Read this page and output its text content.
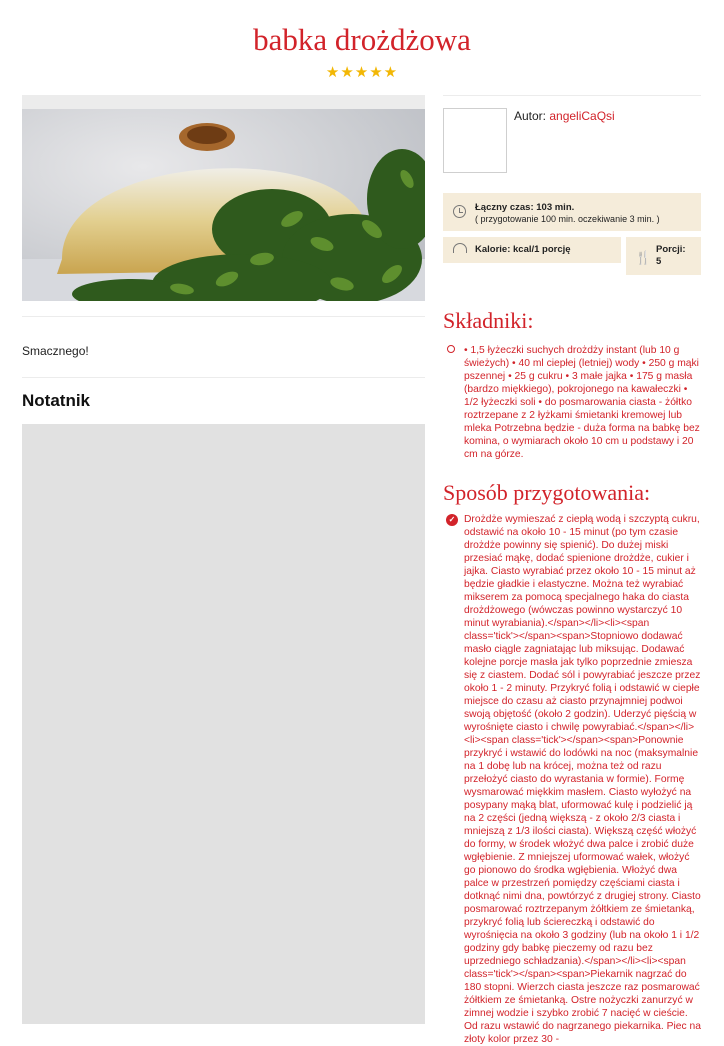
babka drożdżowa
★★★★★
Smacznego!
Notatnik
Autor: angeliCaQsi
Łączny czas: 103 min.
( przygotowanie 100 min. oczekiwanie 3 min. )
Kalorie: kcal/1 porcję
🍴
Porcji:
5
Składniki:

• 1,5 łyżeczki suchych drożdży instant (lub 10 g świeżych) • 40 ml ciepłej (letniej) wody • 250 g mąki pszennej • 25 g cukru • 3 małe jajka • 175 g masła (bardzo miękkiego), pokrojonego na kawałeczki • 1/2 łyżeczki soli • do posmarowania ciasta - żółtko roztrzepane z 2 łyżkami śmietanki kremowej lub mleka Potrzebna będzie - duża forma na babkę bez komina, o wymiarach około 10 cm u podstawy i 20 cm na górze.

Sposób przygotowania:
✓ Drożdże wymieszać z ciepłą wodą i szczyptą cukru, odstawić na około 10 - 15 minut (po tym czasie drożdże powinny się spienić). Do dużej miski przesiać mąkę, dodać spienione drożdże, cukier i jajka. Ciasto wyrabiać przez około 10 - 15 minut aż będzie gładkie i elastyczne. Można też wyrabiać mikserem za pomocą specjalnego haka do ciasta drożdżowego (wówczas powinno wystarczyć 10 minut wyrabiania).</span></li><li><span class='tick'></span><span>Stopniowo dodawać masło ciągle zagniatając lub miksując. Dodawać kolejne porcje masła jak tylko poprzednie zmiesza się z ciastem. Dodać sól i powyrabiać jeszcze przez około 1 - 2 minuty. Przykryć folią i odstawić w ciepłe miejsce do czasu aż ciasto przynajmniej podwoi swoją objętość (około 2 godzin). Uderzyć pięścią w wyrośnięte ciasto i chwilę powyrabiać.</span></li><li><span class='tick'></span><span>Ponownie przykryć i wstawić do lodówki na noc (maksymalnie na 1 dobę lub na krócej, można też od razu przełożyć ciasto do wyrastania w formie). Formę wysmarować miękkim masłem. Ciasto wyłożyć na posypany mąką blat, uformować kulę i podzielić ją na 2 części (jedną większą - z około 2/3 ciasta i mniejszą z 1/3 ilości ciasta). Większą część włożyć do formy, w środek włożyć dwa palce i zrobić duże wgłębienie. Z mniejszej uformować wałek, włożyć go pionowo do środka wgłębienia. Włożyć dwa palce w przestrzeń pomiędzy częściami ciasta i dotknąć nimi dna, powtórzyć z drugiej strony. Ciasto posmarować roztrzepanym żółtkiem ze śmietanką, przykryć folią lub ściereczką i odstawić do wyrośnięcia na około 3 godziny (lub na około 1 i 1/2 godziny gdy babkę pieczemy od razu bez uprzedniego schładzania).</span></li><li><span class='tick'></span><span>Piekarnik nagrzać do 180 stopni. Wierzch ciasta jeszcze raz posmarować żółtkiem ze śmietanką. Ostre nożyczki zanurzyć w zimnej wodzie i szybko zrobić 7 nacięć w cieście. Od razu wstawić do nagrzanego piekarnika. Piec na złoty kolor przez 30 -
